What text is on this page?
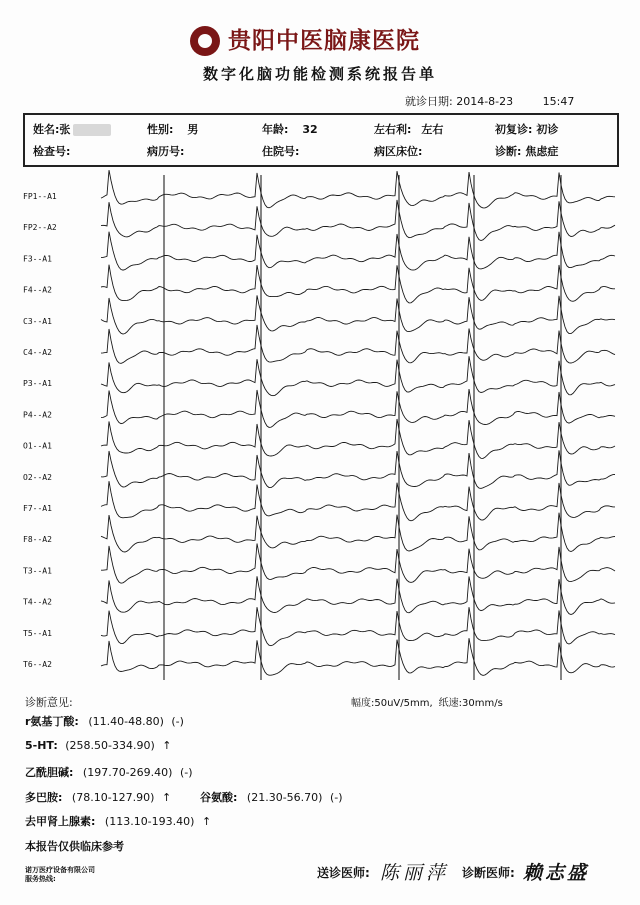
贵阳中医脑康医院
数字化脑功能检测系统报告单
就诊日期: 2014-8-23	15:47
姓名:张	性别: 男	年龄: 32	左右利: 左右	初复诊: 初诊
检查号:	病历号:	住院号:	病区床位:	诊断: 焦虑症
FP1--A1
FP2--A2
F3--A1
F4--A2
C3--A1
C4--A2
P3--A1
P4--A2
O1--A1
O2--A2
F7--A1
F8--A2
T3--A1
T4--A2
T5--A1
T6--A2
幅度:50uV/5mm, 纸速:30mm/s
诊断意见:
r氨基丁酸: (11.40-48.80) (-)
5-HT: (258.50-334.90) ↑
乙酰胆碱: (197.70-269.40) (-)
多巴胺: (78.10-127.90) ↑	谷氨酸: (21.30-56.70) (-)
去甲肾上腺素: (113.10-193.40) ↑
本报告仅供临床参考
诺万医疗设备有限公司
服务热线:	送诊医师: 陈丽萍 诊断医师: 赖志盛
